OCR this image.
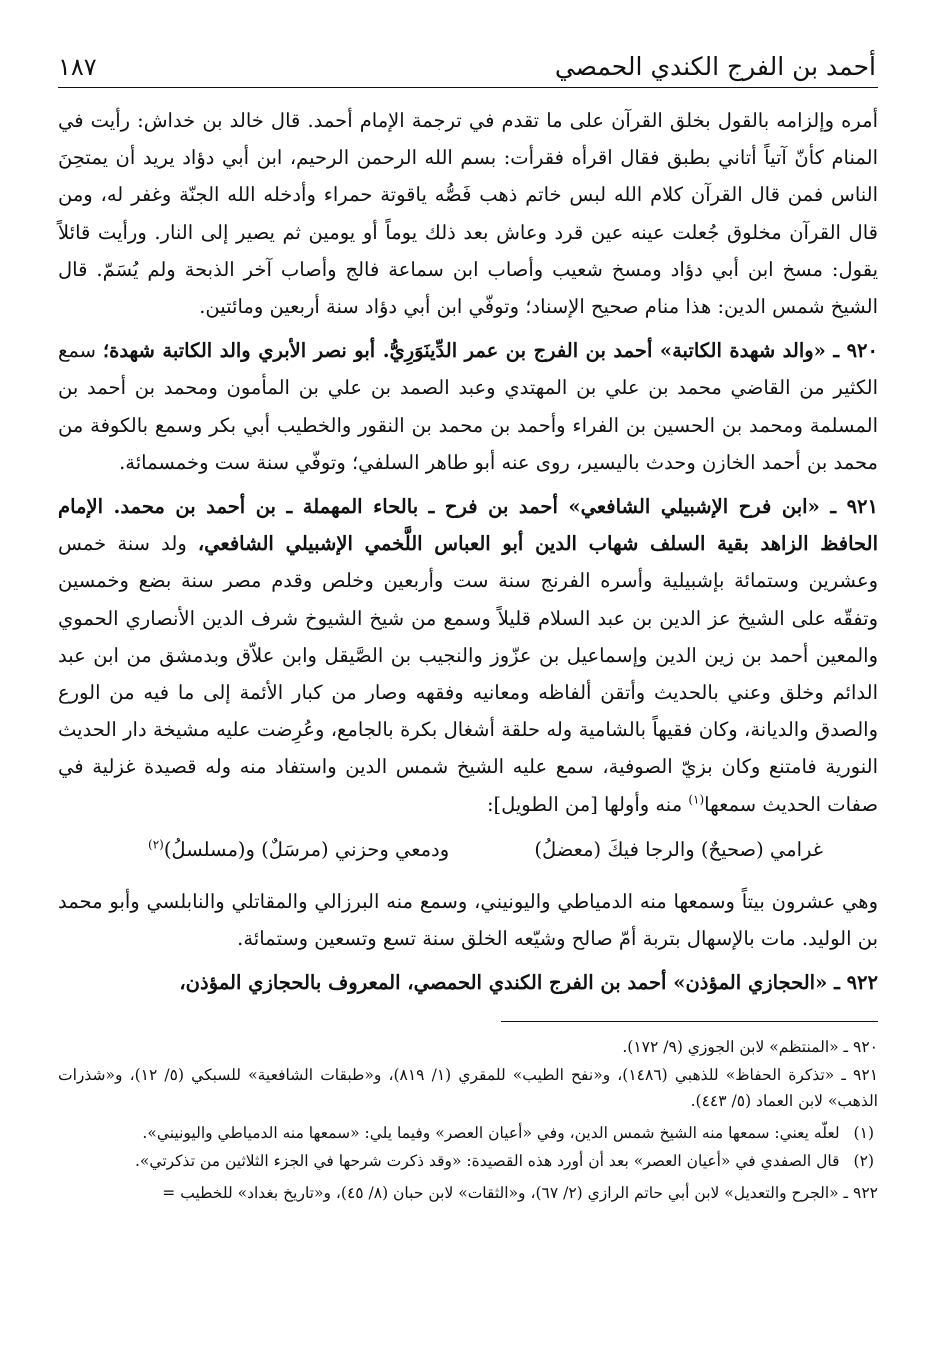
أحمد بن الفرج الكندي الحمصي
١٨٧

أمره وإلزامه بالقول بخلق القرآن على ما تقدم في ترجمة الإمام أحمد. قال خالد بن خداش: رأيت في المنام كأنّ آتياً أتاني بطبق فقال اقرأه فقرأت: بسم الله الرحمن الرحيم، ابن أبي دؤاد يريد أن يمتحِنَ الناس فمن قال القرآن كلام الله لبس خاتم ذهب فَصُّه ياقوتة حمراء وأدخله الله الجنّة وغفر له، ومن قال القرآن مخلوق جُعلت عينه عين قرد وعاش بعد ذلك يوماً أو يومين ثم يصير إلى النار. ورأيت قائلاً يقول: مسخ ابن أبي دؤاد ومسخ شعيب وأصاب ابن سماعة فالج وأصاب آخر الذبحة ولم يُسَمّ. قال الشيخ شمس الدين: هذا منام صحيح الإسناد؛ وتوفّي ابن أبي دؤاد سنة أربعين ومائتين.

٩٢٠ ـ «والد شهدة الكاتبة» أحمد بن الفرج بن عمر الدِّينَوَرِيُّ. أبو نصر الأبري والد الكاتبة شهدة؛ سمع الكثير من القاضي محمد بن علي بن المهتدي وعبد الصمد بن علي بن المأمون ومحمد بن أحمد بن المسلمة ومحمد بن الحسين بن الفراء وأحمد بن محمد بن النقور والخطيب أبي بكر وسمع بالكوفة من محمد بن أحمد الخازن وحدث باليسير، روى عنه أبو طاهر السلفي؛ وتوفّي سنة ست وخمسمائة.

٩٢١ ـ «ابن فرح الإشبيلي الشافعي» أحمد بن فرح ـ بالحاء المهملة ـ بن أحمد بن محمد. الإمام الحافظ الزاهد بقية السلف شهاب الدين أبو العباس اللَّخمي الإشبيلي الشافعي، ولد سنة خمس وعشرين وستمائة بإشبيلية وأسره الفرنج سنة ست وأربعين وخلص وقدم مصر سنة بضع وخمسين وتفقّه على الشيخ عز الدين بن عبد السلام قليلاً وسمع من شيخ الشيوخ شرف الدين الأنصاري الحموي والمعين أحمد بن زين الدين وإسماعيل بن عزّوز والنجيب بن الصَّيقل وابن علاّق وبدمشق من ابن عبد الدائم وخلق وعني بالحديث وأتقن ألفاظه ومعانيه وفقهه وصار من كبار الأئمة إلى ما فيه من الورع والصدق والديانة، وكان فقيهاً بالشامية وله حلقة أشغال بكرة بالجامع، وعُرِضت عليه مشيخة دار الحديث النورية فامتنع وكان بزيّ الصوفية، سمع عليه الشيخ شمس الدين واستفاد منه وله قصيدة غزلية في صفات الحديث سمعها$^{(١)}$ منه وأولها [من الطويل]:

غرامي (صحيحٌ) والرجا فيكَ (معضلُ)
ودمعي وحزني (مرسَلٌ) و(مسلسلُ)$^{(٢)}$

وهي عشرون بيتاً وسمعها منه الدمياطي واليونيني، وسمع منه البرزالي والمقاتلي والنابلسي وأبو محمد بن الوليد. مات بالإسهال بتربة أمّ صالح وشيّعه الخلق سنة تسع وتسعين وستمائة.

٩٢٢ ـ «الحجازي المؤذن» أحمد بن الفرج الكندي الحمصي، المعروف بالحجازي المؤذن،

٩٢٠ ـ «المنتظم» لابن الجوزي (٩/ ١٧٢).

٩٢١ ـ «تذكرة الحفاظ» للذهبي (١٤٨٦)، و«نفح الطيب» للمقري (١/ ٨١٩)، و«طبقات الشافعية» للسبكي (٥/ ١٢)، و«شذرات الذهب» لابن العماد (٥/ ٤٤٣).

(١)
لعلّه يعني: سمعها منه الشيخ شمس الدين، وفي «أعيان العصر» وفيما يلي: «سمعها منه الدمياطي واليونيني».
(٢)
قال الصفدي في «أعيان العصر» بعد أن أورد هذه القصيدة: «وقد ذكرت شرحها في الجزء الثلاثين من تذكرتي».

٩٢٢ ـ «الجرح والتعديل» لابن أبي حاتم الرازي (٢/ ٦٧)، و«الثقات» لابن حبان (٨/ ٤٥)، و«تاريخ بغداد» للخطيب =
